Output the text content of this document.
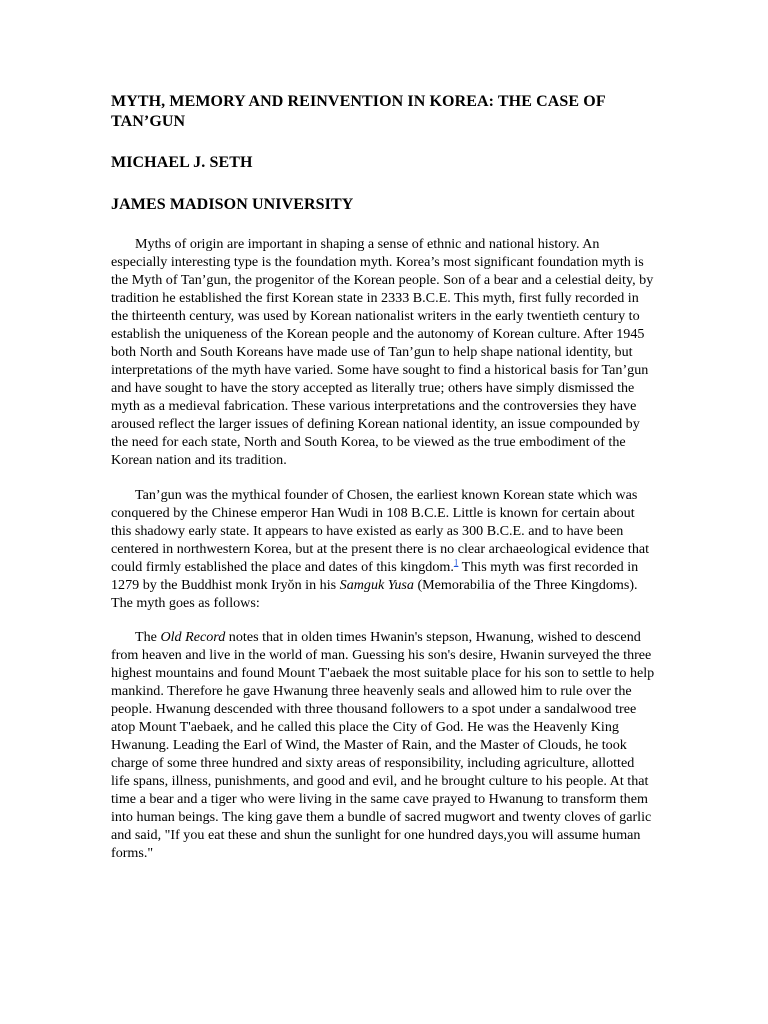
MYTH, MEMORY AND REINVENTION IN KOREA: THE CASE OF TAN’GUN

MICHAEL J. SETH

JAMES MADISON UNIVERSITY

Myths of origin are important in shaping a sense of ethnic and national history. An especially interesting type is the foundation myth. Korea’s most significant foundation myth is the Myth of Tan’gun, the progenitor of the Korean people. Son of a bear and a celestial deity, by tradition he established the first Korean state in 2333 B.C.E. This myth, first fully recorded in the thirteenth century, was used by Korean nationalist writers in the early twentieth century to establish the uniqueness of the Korean people and the autonomy of Korean culture. After 1945 both North and South Koreans have made use of Tan’gun to help shape national identity, but interpretations of the myth have varied. Some have sought to find a historical basis for Tan’gun and have sought to have the story accepted as literally true; others have simply dismissed the myth as a medieval fabrication. These various interpretations and the controversies they have aroused reflect the larger issues of defining Korean national identity, an issue compounded by the need for each state, North and South Korea, to be viewed as the true embodiment of the Korean nation and its tradition.

Tan’gun was the mythical founder of Chosen, the earliest known Korean state which was conquered by the Chinese emperor Han Wudi in 108 B.C.E. Little is known for certain about this shadowy early state. It appears to have existed as early as 300 B.C.E. and to have been centered in northwestern Korea, but at the present there is no clear archaeological evidence that could firmly established the place and dates of this kingdom.$^1$ This myth was first recorded in 1279 by the Buddhist monk Iryŏn in his Samguk Yusa (Memorabilia of the Three Kingdoms). The myth goes as follows:

The Old Record notes that in olden times Hwanin's stepson, Hwanung, wished to descend from heaven and live in the world of man. Guessing his son's desire, Hwanin surveyed the three highest mountains and found Mount T'aebaek the most suitable place for his son to settle to help mankind. Therefore he gave Hwanung three heavenly seals and allowed him to rule over the people. Hwanung descended with three thousand followers to a spot under a sandalwood tree atop Mount T'aebaek, and he called this place the City of God. He was the Heavenly King Hwanung. Leading the Earl of Wind, the Master of Rain, and the Master of Clouds, he took charge of some three hundred and sixty areas of responsibility, including agriculture, allotted life spans, illness, punishments, and good and evil, and he brought culture to his people. At that time a bear and a tiger who were living in the same cave prayed to Hwanung to transform them into human beings. The king gave them a bundle of sacred mugwort and twenty cloves of garlic and said, "If you eat these and shun the sunlight for one hundred days,you will assume human forms."
